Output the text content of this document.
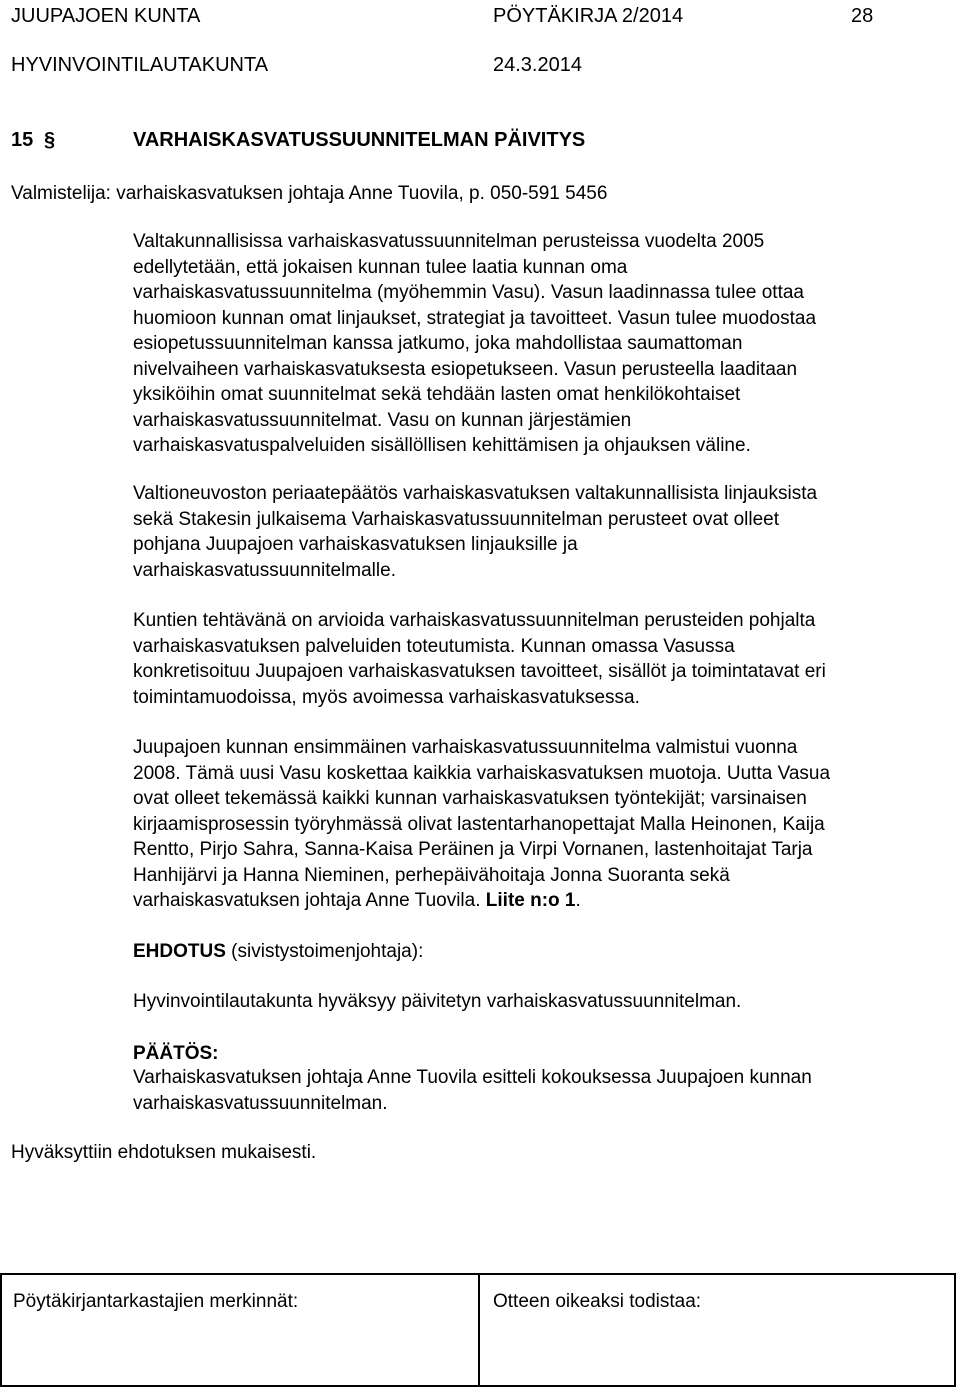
JUUPAJOEN KUNTA	PÖYTÄKIRJA 2/2014	28
HYVINVOINTILAUTAKUNTA	24.3.2014
15 §	VARHAISKASVATUSSUUNNITELMAN PÄIVITYS
Valmistelija: varhaiskasvatuksen johtaja Anne Tuovila, p. 050-591 5456
Valtakunnallisissa varhaiskasvatussuunnitelman perusteissa vuodelta 2005
edellytetään, että jokaisen kunnan tulee laatia kunnan oma
varhaiskasvatussuunnitelma (myöhemmin Vasu). Vasun laadinnassa tulee ottaa
huomioon kunnan omat linjaukset, strategiat ja tavoitteet. Vasun tulee muodostaa
esiopetussuunnitelman kanssa jatkumo, joka mahdollistaa saumattoman
nivelvaiheen varhaiskasvatuksesta esiopetukseen. Vasun perusteella laaditaan
yksiköihin omat suunnitelmat sekä tehdään lasten omat henkilökohtaiset
varhaiskasvatussuunnitelmat. Vasu on kunnan järjestämien
varhaiskasvatuspalveluiden sisällöllisen kehittämisen ja ohjauksen väline.
Valtioneuvoston periaatepäätös varhaiskasvatuksen valtakunnallisista linjauksista
sekä Stakesin julkaisema Varhaiskasvatussuunnitelman perusteet ovat olleet
pohjana Juupajoen varhaiskasvatuksen linjauksille ja
varhaiskasvatussuunnitelmalle.
Kuntien tehtävänä on arvioida varhaiskasvatussuunnitelman perusteiden pohjalta
varhaiskasvatuksen palveluiden toteutumista. Kunnan omassa Vasussa
konkretisoituu Juupajoen varhaiskasvatuksen tavoitteet, sisällöt ja toimintatavat eri
toimintamuodoissa, myös avoimessa varhaiskasvatuksessa.
Juupajoen kunnan ensimmäinen varhaiskasvatussuunnitelma valmistui vuonna
2008. Tämä uusi Vasu koskettaa kaikkia varhaiskasvatuksen muotoja. Uutta Vasua
ovat olleet tekemässä kaikki kunnan varhaiskasvatuksen työntekijät; varsinaisen
kirjaamisprosessin työryhmässä olivat lastentarhanopettajat Malla Heinonen, Kaija
Rentto, Pirjo Sahra, Sanna-Kaisa Peräinen ja Virpi Vornanen, lastenhoitajat Tarja
Hanhijärvi ja Hanna Nieminen, perhepäivähoitaja Jonna Suoranta sekä
varhaiskasvatuksen johtaja Anne Tuovila. Liite n:o 1.
EHDOTUS (sivistystoimenjohtaja):
Hyvinvointilautakunta hyväksyy päivitetyn varhaiskasvatussuunnitelman.
PÄÄTÖS:
Varhaiskasvatuksen johtaja Anne Tuovila esitteli kokouksessa Juupajoen kunnan
varhaiskasvatussuunnitelman.
Hyväksyttiin ehdotuksen mukaisesti.
Pöytäkirjantarkastajien merkinnät:	Otteen oikeaksi todistaa:
